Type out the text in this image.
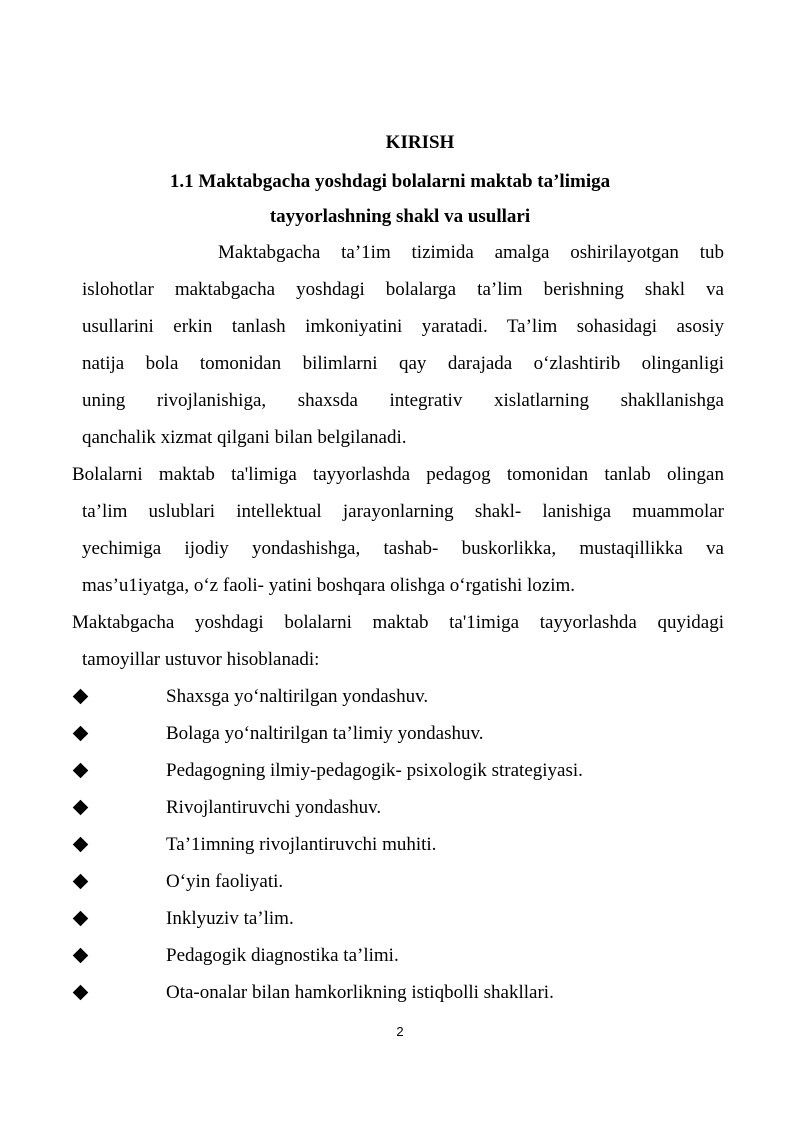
KIRISH
1.1 Maktabgacha yoshdagi bolalarni maktab ta’limiga
tayyorlashning shakl va usullari

Maktabgacha ta’1im tizimida amalga oshirilayotgan tub
islohotlar maktabgacha yoshdagi bolalarga ta’lim berishning shakl va
usullarini erkin tanlash imkoniyatini yaratadi. Ta’lim sohasidagi asosiy
natija bola tomonidan bilimlarni qay darajada o‘zlashtirib olinganligi
uning rivojlanishiga, shaxsda integrativ xislatlarning shakllanishga
qanchalik xizmat qilgani bilan belgilanadi.

Bolalarni maktab ta'limiga tayyorlashda pedagog tomonidan tanlab olingan
ta’lim uslublari intellektual jarayonlarning shakl- lanishiga muammolar
yechimiga ijodiy yondashishga, tashab- buskorlikka, mustaqillikka va
mas’u1iyatga, o‘z faoli- yatini boshqara olishga o‘rgatishi lozim.

Maktabgacha yoshdagi bolalarni maktab ta'1imiga tayyorlashda quyidagi
tamoyillar ustuvor hisoblanadi:

Shaxsga yo‘naltirilgan yondashuv.
Bolaga yo‘naltirilgan ta’limiy yondashuv.
Pedagogning ilmiy-pedagogik- psixologik strategiyasi.
Rivojlantiruvchi yondashuv.
Ta’1imning rivojlantiruvchi muhiti.
O‘yin faoliyati.
Inklyuziv ta’lim.
Pedagogik diagnostika ta’limi.
Ota-onalar bilan hamkorlikning istiqbolli shakllari.
2
